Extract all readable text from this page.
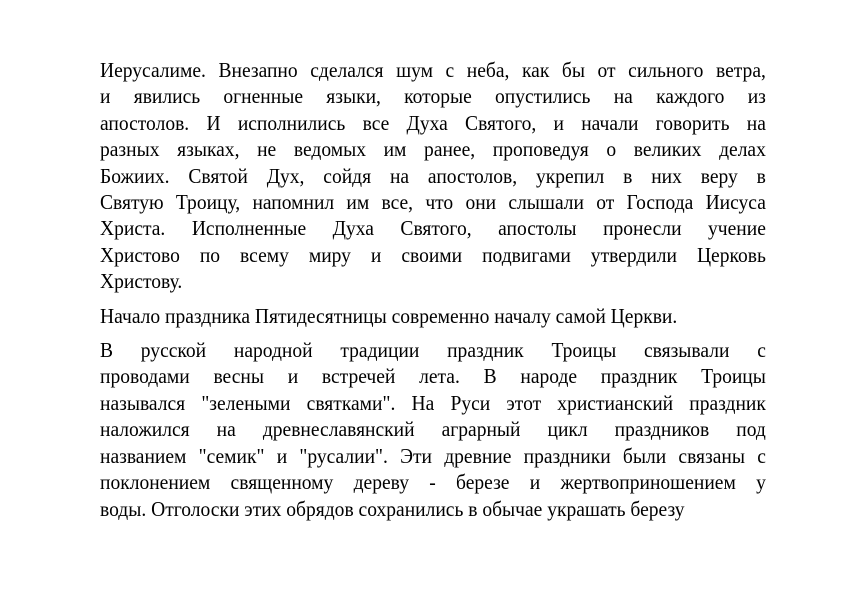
Иерусалиме. Внезапно сделался шум с неба, как бы от сильного ветра,
и явились огненные языки, которые опустились на каждого из
апостолов. И исполнились все Духа Святого, и начали говорить на
разных языках, не ведомых им ранее, проповедуя о великих делах
Божиих. Святой Дух, сойдя на апостолов, укрепил в них веру в
Святую Троицу, напомнил им все, что они слышали от Господа Иисуса
Христа. Исполненные Духа Святого, апостолы пронесли учение
Христово по всему миру и своими подвигами утвердили Церковь
Христову.

Начало праздника Пятидесятницы современно началу самой Церкви.

В русской народной традиции праздник Троицы связывали с
проводами весны и встречей лета. В народе праздник Троицы
назывался "зелеными святками". На Руси этот христианский праздник
наложился на древнеславянский аграрный цикл праздников под
названием "семик" и "русалии". Эти древние праздники были связаны с
поклонением священному дереву - березе и жертвоприношением у
воды. Отголоски этих обрядов сохранились в обычае украшать березу
